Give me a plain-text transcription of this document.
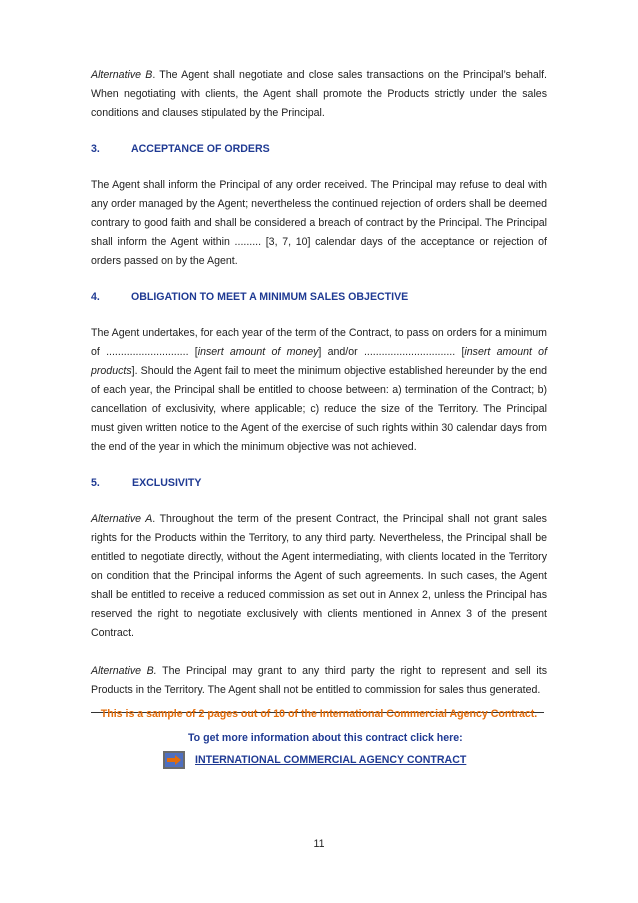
Alternative B. The Agent shall negotiate and close sales transactions on the Principal’s behalf. When negotiating with clients, the Agent shall promote the Products strictly under the sales conditions and clauses stipulated by the Principal.

3.	ACCEPTANCE OF ORDERS

The Agent shall inform the Principal of any order received. The Principal may refuse to deal with any order managed by the Agent; nevertheless the continued rejection of orders shall be deemed contrary to good faith and shall be considered a breach of contract by the Principal. The Principal shall inform the Agent within ......... [3, 7, 10] calendar days of the acceptance or rejection of orders passed on by the Agent.

4.	OBLIGATION TO MEET A MINIMUM SALES OBJECTIVE

The Agent undertakes, for each year of the term of the Contract, to pass on orders for a minimum of ............................ [insert amount of money] and/or ............................... [insert amount of products]. Should the Agent fail to meet the minimum objective established hereunder by the end of each year, the Principal shall be entitled to choose between: a) termination of the Contract; b) cancellation of exclusivity, where applicable; c) reduce the size of the Territory. The Principal must given written notice to the Agent of the exercise of such rights within 30 calendar days from the end of the year in which the minimum objective was not achieved.

5.	EXCLUSIVITY

Alternative A. Throughout the term of the present Contract, the Principal shall not grant sales rights for the Products within the Territory, to any third party. Nevertheless, the Principal shall be entitled to negotiate directly, without the Agent intermediating, with clients located in the Territory on condition that the Principal informs the Agent of such agreements. In such cases, the Agent shall be entitled to receive a reduced commission as set out in Annex 2, unless the Principal has reserved the right to negotiate exclusively with clients mentioned in Annex 3 of the present Contract.

Alternative B. The Principal may grant to any third party the right to represent and sell its Products in the Territory. The Agent shall not be entitled to commission for sales thus generated.

This is a sample of 2 pages out of 10 of the International Commercial Agency Contract.
To get more information about this contract click here:
INTERNATIONAL COMMERCIAL AGENCY CONTRACT
11
